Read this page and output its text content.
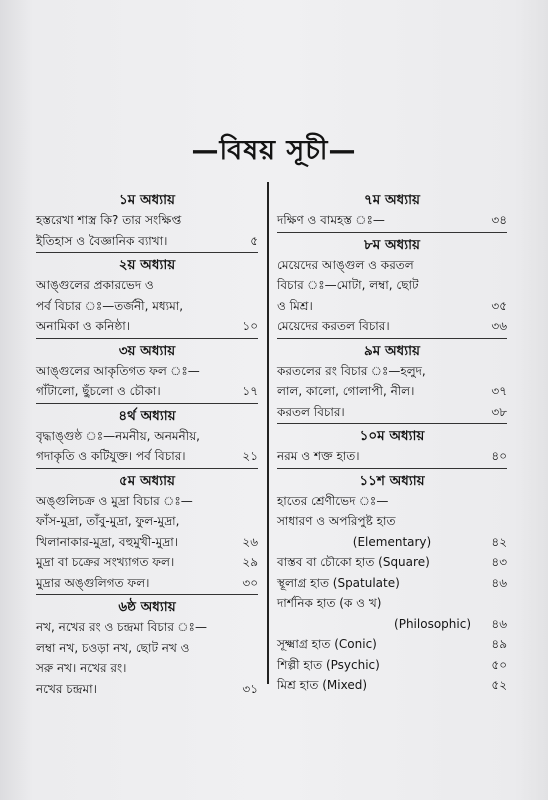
—বিষয় সূচী—
১ম অধ্যায়
হস্তরেখা শাস্ত্র কি? তার সংক্ষিপ্ত
ইতিহাস ও বৈজ্ঞানিক ব্যাখা।	৫
২য় অধ্যায়
আঙ্গুলের প্রকারভেদ ও
পর্ব বিচার ঃ—তর্জনী, মধ্যমা,
অনামিকা ও কনিষ্ঠা।	১০
৩য় অধ্যায়
আঙ্গুলের আকৃতিগত ফল ঃ—
গাঁটালো, ছুঁচলো ও চৌকা।	১৭
৪র্থ অধ্যায়
বৃদ্ধাঙ্গুষ্ঠ ঃ—নমনীয়, অনমনীয়,
গদাকৃতি ও কটিযুক্ত। পর্ব বিচার।	২১
৫ম অধ্যায়
অঙ্গুলিচক্র ও মুদ্রা বিচার ঃ—
ফাঁস-মুদ্রা, তাঁবু-মুদ্রা, ফুল-মুদ্রা,
খিলানাকার-মুদ্রা, বহুমুখী-মুদ্রা।	২৬
মুদ্রা বা চক্রের সংখ্যাগত ফল।	২৯
মুদ্রার অঙ্গুলিগত ফল।	৩০
৬ষ্ঠ অধ্যায়
নখ, নখের রং ও চন্দ্রমা বিচার ঃ—
লম্বা নখ, চওড়া নখ, ছোট নখ ও
সরু নখ। নখের রং।
নখের চন্দ্রমা।	৩১
৭ম অধ্যায়
দক্ষিণ ও বামহস্ত ঃ—	৩৪
৮ম অধ্যায়
মেয়েদের আঙ্গুল ও করতল
বিচার ঃ—মোটা, লম্বা, ছোট
ও মিশ্র।	৩৫
মেয়েদের করতল বিচার।	৩৬
৯ম অধ্যায়
করতলের রং বিচার ঃ—হলুদ,
লাল, কালো, গোলাপী, নীল।	৩৭
করতল বিচার।	৩৮
১০ম অধ্যায়
নরম ও শক্ত হাত।	৪০
১১শ অধ্যায়
হাতের শ্রেণীভেদ ঃ—
সাধারণ ও অপরিপুষ্ট হাত
(Elementary)	৪২
বাস্তব বা চৌকো হাত (Square)	৪৩
স্থূলাগ্র হাত (Spatulate)	৪৬
দার্শনিক হাত (ক ও খ)
(Philosophic) ৪৬
সূক্ষ্মাগ্র হাত (Conic)	৪৯
শিল্পী হাত (Psychic)	৫০
মিশ্র হাত (Mixed)	৫২
